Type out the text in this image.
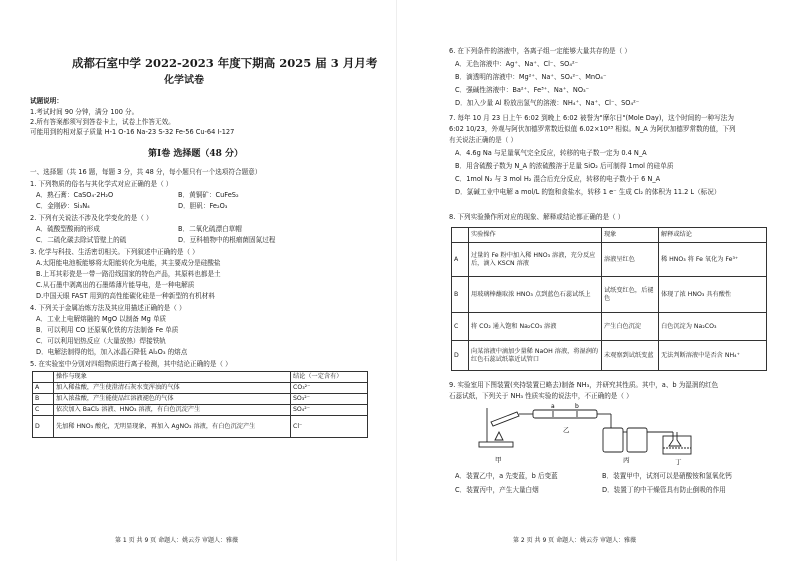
成都石室中学 2022-2023 年度下期高 2025 届 3 月月考
化学试卷
试题说明：
1.考试时间 90 分钟，满分 100 分。
2.所有答案都须写到答卷卡上，试卷上作答无效。
可能用到的相对原子质量 H-1 O-16 Na-23 S-32 Fe-56 Cu-64 I-127
第Ⅰ卷 选择题（48 分）
一、选择题（共 16 题，每题 3 分，共 48 分，每小题只有一个选项符合题意）
1. 下列物质的俗名与其化学式对应正确的是（ ）
A．熟石膏：CaSO₄·2H₂O	B．黄铜矿：CuFeS₂
C．金刚砂：Si₃N₄	D．胆矾：Fe₂O₃
2. 下列有关说法不涉及化学变化的是（ ）
A．硫酸型酸雨的形成	B．二氧化硫漂白草帽
C．二硫化碳去除试管壁上的硫	D．豆科植物中的根瘤菌固氮过程
3. 化学与科技、生活密切相关。下列叙述中正确的是（ ）
A.太阳能电池板能够将太阳能转化为电能，其主要成分是硅酸盐
B.上耳其彩瓷是一带一路沿线国家的特色产品，其原料也都是土
C.从石墨中剥离出的石墨烯薄片能导电，是一种电解质
D.中国天眼 FAST 用到的高性能碳化硅是一种新型的有机材料
4. 下列关于金属冶炼方法及其应用描述正确的是（ ）
A．工业上电解熔融的 MgO 以制备 Mg 单质
B．可以利用 CO 还原氧化铁的方法制备 Fe 单质
C．可以利用铝热反应（大量放热）焊接铁轨
D．电解法制得的铝，加入冰晶石降低 Al₂O₃ 的熔点
5. 在实验室中分别对四组物质进行离子检测，其中结论正确的是（ ）
	操作与现象	结论（一定含有）
A	加入稀盐酸，产生使澄清石灰水变浑浊的气体	CO₃²⁻
B	加入浓盐酸，产生能使品红溶液褪色的气体	SO₃²⁻
C	依次加入 BaCl₂ 溶液、HNO₃ 溶液，有白色沉淀产生	SO₄²⁻
D	先加稀 HNO₃ 酸化，无明显现象，再加入 AgNO₃ 溶液，有白色沉淀产生	Cl⁻
第 1 页 共 9 页 命题人：姚云芬 审题人：雅薇
6. 在下列条件的溶液中，各离子组一定能够大量共存的是（ ）
A．无色溶液中：Ag⁺、Na⁺、Cl⁻、SO₄²⁻
B．滴透明的溶液中：Mg²⁺、Na⁺、SO₄²⁻、MnO₄⁻
C．强碱性溶液中：Ba²⁺、Fe³⁺、Na⁺、NO₃⁻
D．加入少量 Al 粉放出氢气的溶液：NH₄⁺、Na⁺、Cl⁻、SO₄²⁻
7. 每年 10 月 23 日上午 6:02 到晚上 6:02 被誉为"摩尔日"(Mole Day)，这个时间的一种写法为
6:02 10/23，外观与阿伏加德罗常数近似值 6.02×10²³ 相似。N_A 为阿伏加德罗常数的值，下列
有关说法正确的是（ ）
A．4.6g Na 与足量氧气完全反应，转移的电子数一定为 0.4 N_A
B．用含硫酸子数为 N_A 的浓硫酸溶于足量 SiO₂ 后可制得 1mol 的硅单质
C．1mol N₂ 与 3 mol H₂ 混合后充分反应，转移的电子数小于 6 N_A
D．氯碱工业中电解 a mol/L 的饱和食盐水，转移 1 e⁻ 生成 Cl₂ 的体积为 11.2 L（标况）
8. 下列实验操作所对应的现象、解释或结论都正确的是（ ）
	实验操作	现象	解释或结论
A	过量的 Fe 粉中加入稀 HNO₃ 溶液，充分反应后，滴入 KSCN 溶液	溶液呈红色	稀 HNO₃ 将 Fe 氧化为 Fe³⁺
B	用玻璃棒蘸取浓 HNO₃ 点到蓝色石蕊试纸上	试纸变红色，后褪色	体现了浓 HNO₃ 具有酸性
C	将 CO₂ 通入饱和 Na₂CO₃ 溶液	产生白色沉淀	白色沉淀为 Na₂CO₃
D	向某溶液中滴加少量稀 NaOH 溶液，将湿润的红色石蕊试纸靠近试管口	未观察到试纸变蓝	无法判断溶液中是否含 NH₄⁺
9. 实验室用下图装置(夹持装置已略去)制备 NH₃，并研究其性质。其中，a、b 为湿润的红色
石蕊试纸，下列关于 NH₃ 性质实验的说法中，不正确的是（ ）
甲
乙
丙	丁
a	b
A．装置乙中，a 先变蓝，b 后变蓝	B．装置甲中，试剂可以是硝酸铵和氢氧化钙
C．装置丙中，产生大量白烟	D．装置丁的中干燥管具有防止倒吸的作用
第 2 页 共 9 页 命题人：姚云芬 审题人：雅薇
